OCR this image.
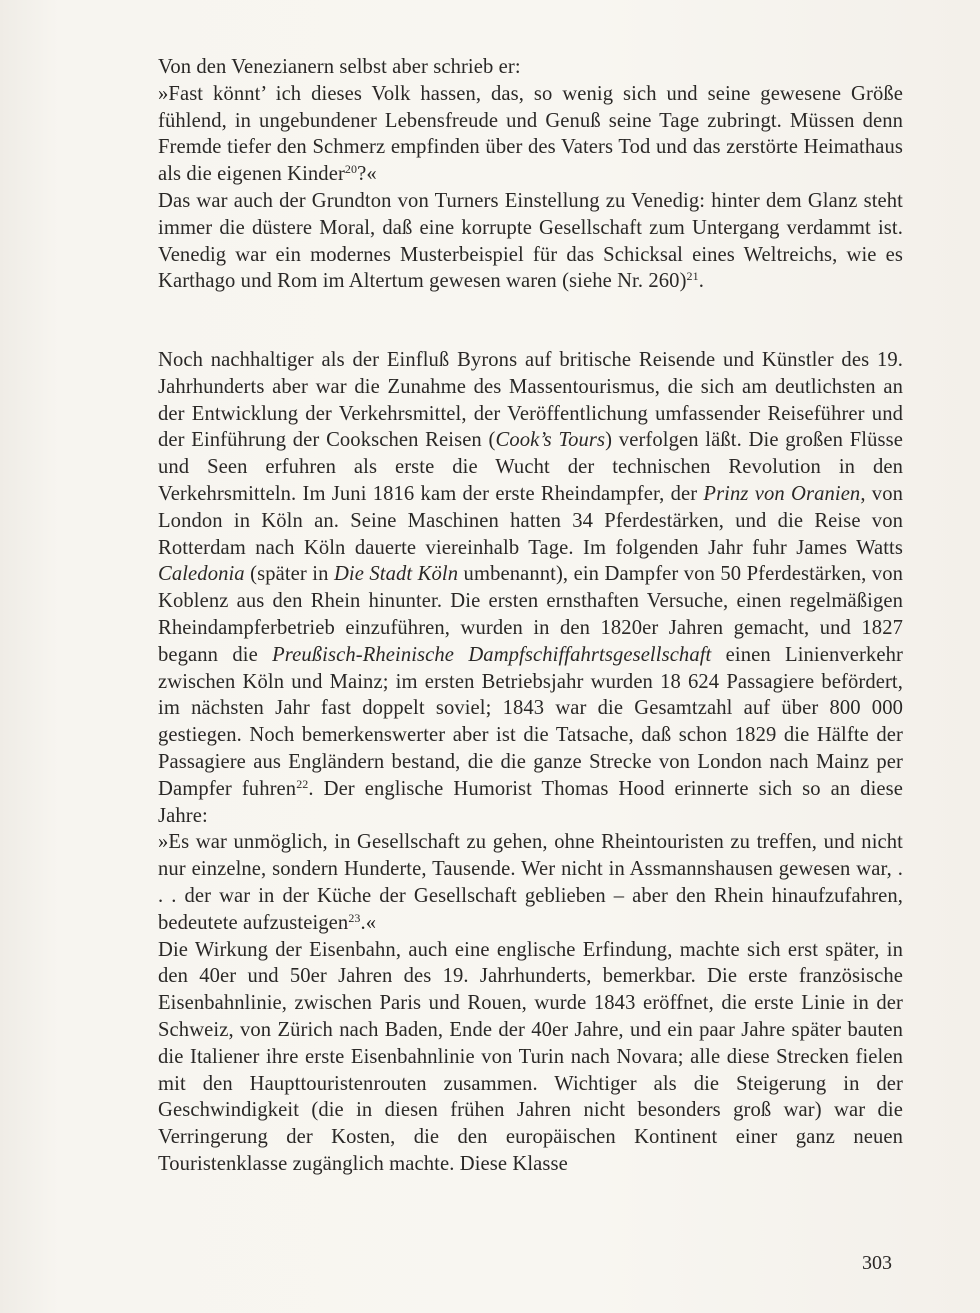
Von den Venezianern selbst aber schrieb er:

»Fast könnt’ ich dieses Volk hassen, das, so wenig sich und seine gewesene Größe fühlend, in ungebundener Lebensfreude und Genuß seine Tage zubringt. Müssen denn Fremde tiefer den Schmerz empfinden über des Vaters Tod und das zerstörte Heimathaus als die eigenen Kinder$^{20}$?«

Das war auch der Grundton von Turners Einstellung zu Venedig: hinter dem Glanz steht immer die düstere Moral, daß eine korrupte Gesellschaft zum Untergang verdammt ist. Venedig war ein modernes Musterbeispiel für das Schicksal eines Weltreichs, wie es Karthago und Rom im Altertum gewesen waren (siehe Nr. 260)$^{21}$.

Noch nachhaltiger als der Einfluß Byrons auf britische Reisende und Künstler des 19. Jahrhunderts aber war die Zunahme des Massentourismus, die sich am deutlichsten an der Entwicklung der Verkehrsmittel, der Veröffentlichung umfassender Reiseführer und der Einführung der Cookschen Reisen (Cook’s Tours) verfolgen läßt. Die großen Flüsse und Seen erfuhren als erste die Wucht der technischen Revolution in den Verkehrsmitteln. Im Juni 1816 kam der erste Rheindampfer, der Prinz von Oranien, von London in Köln an. Seine Maschinen hatten 34 Pferdestärken, und die Reise von Rotterdam nach Köln dauerte viereinhalb Tage. Im folgenden Jahr fuhr James Watts Caledonia (später in Die Stadt Köln umbenannt), ein Dampfer von 50 Pferdestärken, von Koblenz aus den Rhein hinunter. Die ersten ernsthaften Versuche, einen regelmäßigen Rheindampferbetrieb einzuführen, wurden in den 1820er Jahren gemacht, und 1827 begann die Preußisch-Rheinische Dampfschiffahrtsgesellschaft einen Linienverkehr zwischen Köln und Mainz; im ersten Betriebsjahr wurden 18 624 Passagiere befördert, im nächsten Jahr fast doppelt soviel; 1843 war die Gesamtzahl auf über 800 000 gestiegen. Noch bemerkenswerter aber ist die Tatsache, daß schon 1829 die Hälfte der Passagiere aus Engländern bestand, die die ganze Strecke von London nach Mainz per Dampfer fuhren$^{22}$. Der englische Humorist Thomas Hood erinnerte sich so an diese Jahre:

»Es war unmöglich, in Gesellschaft zu gehen, ohne Rheintouristen zu treffen, und nicht nur einzelne, sondern Hunderte, Tausende. Wer nicht in Assmannshausen gewesen war, . . . der war in der Küche der Gesellschaft geblieben – aber den Rhein hinaufzufahren, bedeutete aufzusteigen$^{23}$.«

Die Wirkung der Eisenbahn, auch eine englische Erfindung, machte sich erst später, in den 40er und 50er Jahren des 19. Jahrhunderts, bemerkbar. Die erste französische Eisenbahnlinie, zwischen Paris und Rouen, wurde 1843 eröffnet, die erste Linie in der Schweiz, von Zürich nach Baden, Ende der 40er Jahre, und ein paar Jahre später bauten die Italiener ihre erste Eisenbahnlinie von Turin nach Novara; alle diese Strecken fielen mit den Haupttouristenrouten zusammen. Wichtiger als die Steigerung in der Geschwindigkeit (die in diesen frühen Jahren nicht besonders groß war) war die Verringerung der Kosten, die den europäischen Kontinent einer ganz neuen Touristenklasse zugänglich machte. Diese Klasse

303
